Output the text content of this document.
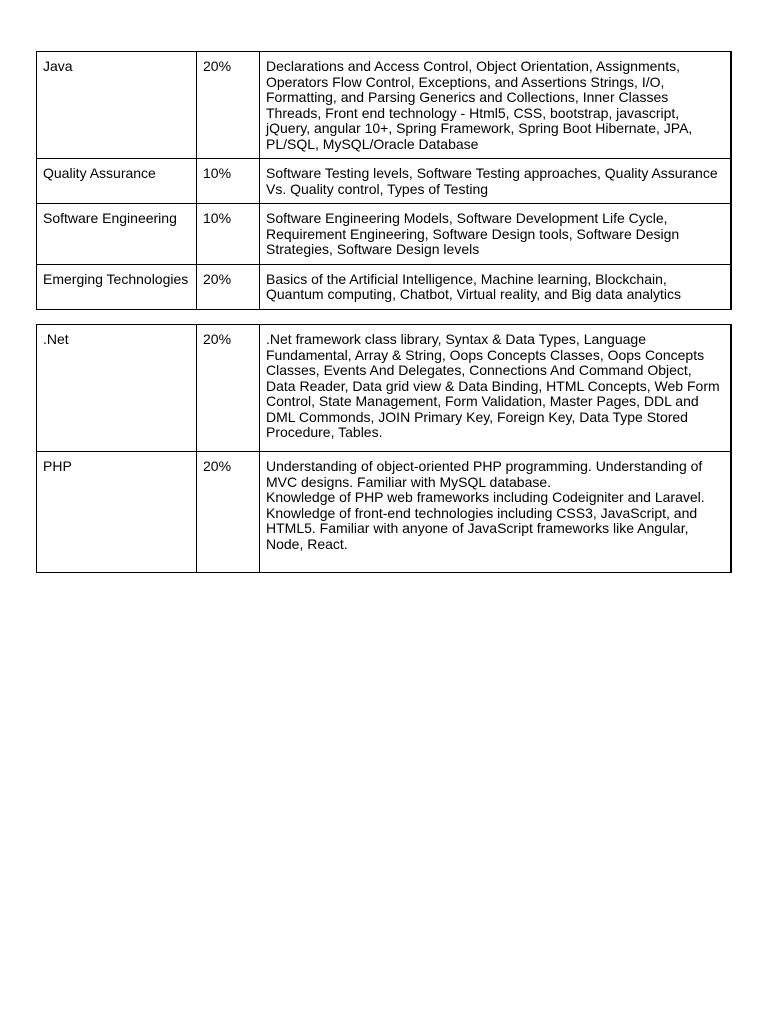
Java	20%	Declarations and Access Control, Object Orientation, Assignments, Operators Flow Control, Exceptions, and Assertions Strings, I/O, Formatting, and Parsing Generics and Collections, Inner Classes Threads, Front end technology - Html5, CSS, bootstrap, javascript, jQuery, angular 10+, Spring Framework, Spring Boot Hibernate, JPA, PL/SQL, MySQL/Oracle Database
Quality Assurance	10%	Software Testing levels, Software Testing approaches, Quality Assurance Vs. Quality control, Types of Testing
Software Engineering	10%	Software Engineering Models, Software Development Life Cycle, Requirement Engineering, Software Design tools, Software Design Strategies, Software Design levels
Emerging Technologies	20%	Basics of the Artificial Intelligence, Machine learning, Blockchain, Quantum computing, Chatbot, Virtual reality, and Big data analytics
.Net	20%	.Net framework class library, Syntax & Data Types, Language Fundamental, Array & String, Oops Concepts Classes, Oops Concepts Classes, Events And Delegates, Connections And Command Object, Data Reader, Data grid view & Data Binding, HTML Concepts, Web Form Control, State Management, Form Validation, Master Pages, DDL and DML Commonds, JOIN Primary Key, Foreign Key, Data Type Stored Procedure, Tables.
PHP	20%	Understanding of object-oriented PHP programming. Understanding of MVC designs. Familiar with MySQL database.
Knowledge of PHP web frameworks including Codeigniter and Laravel. Knowledge of front-end technologies including CSS3, JavaScript, and HTML5. Familiar with anyone of JavaScript frameworks like Angular, Node, React.
